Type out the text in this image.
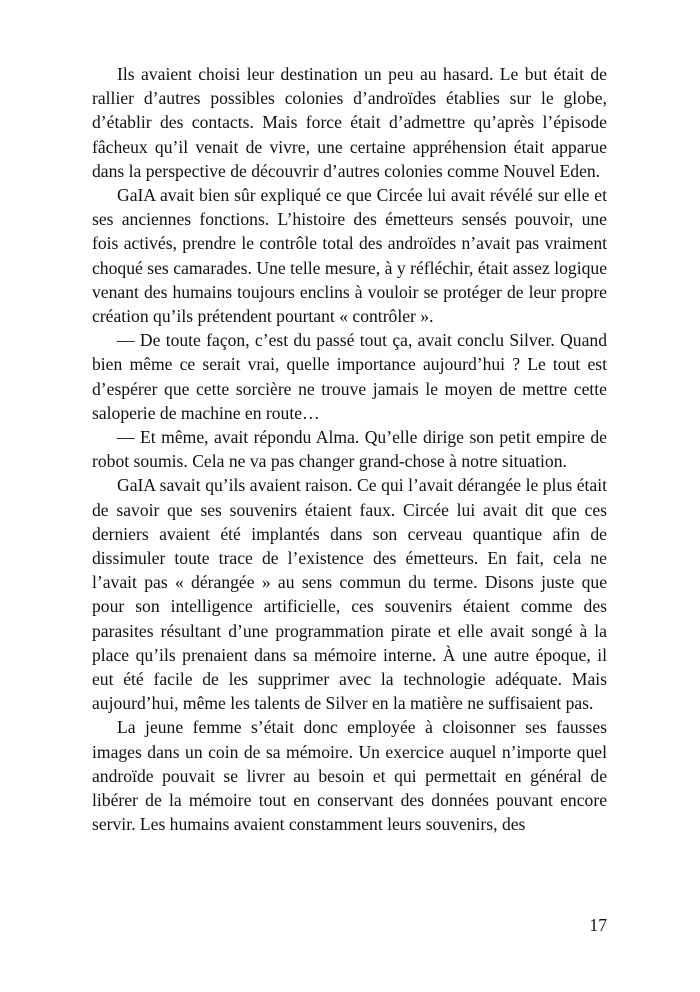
Ils avaient choisi leur destination un peu au hasard. Le but était de rallier d’autres possibles colonies d’androïdes établies sur le globe, d’établir des contacts. Mais force était d’admettre qu’après l’épisode fâcheux qu’il venait de vivre, une certaine appréhension était apparue dans la perspective de découvrir d’autres colonies comme Nouvel Eden.

GaIA avait bien sûr expliqué ce que Circée lui avait révélé sur elle et ses anciennes fonctions. L’histoire des émetteurs sensés pouvoir, une fois activés, prendre le contrôle total des androïdes n’avait pas vraiment choqué ses camarades. Une telle mesure, à y réfléchir, était assez logique venant des humains toujours enclins à vouloir se protéger de leur propre création qu’ils prétendent pourtant « contrôler ».

— De toute façon, c’est du passé tout ça, avait conclu Silver. Quand bien même ce serait vrai, quelle importance aujourd’hui ? Le tout est d’espérer que cette sorcière ne trouve jamais le moyen de mettre cette saloperie de machine en route…

— Et même, avait répondu Alma. Qu’elle dirige son petit empire de robot soumis. Cela ne va pas changer grand-chose à notre situation.

GaIA savait qu’ils avaient raison. Ce qui l’avait dérangée le plus était de savoir que ses souvenirs étaient faux. Circée lui avait dit que ces derniers avaient été implantés dans son cerveau quantique afin de dissimuler toute trace de l’existence des émetteurs. En fait, cela ne l’avait pas « dérangée » au sens commun du terme. Disons juste que pour son intelligence artificielle, ces souvenirs étaient comme des parasites résultant d’une programmation pirate et elle avait songé à la place qu’ils prenaient dans sa mémoire interne. À une autre époque, il eut été facile de les supprimer avec la technologie adéquate. Mais aujourd’hui, même les talents de Silver en la matière ne suffisaient pas.

La jeune femme s’était donc employée à cloisonner ses fausses images dans un coin de sa mémoire. Un exercice auquel n’importe quel androïde pouvait se livrer au besoin et qui permettait en général de libérer de la mémoire tout en conservant des données pouvant encore servir. Les humains avaient constamment leurs souvenirs, des

17
